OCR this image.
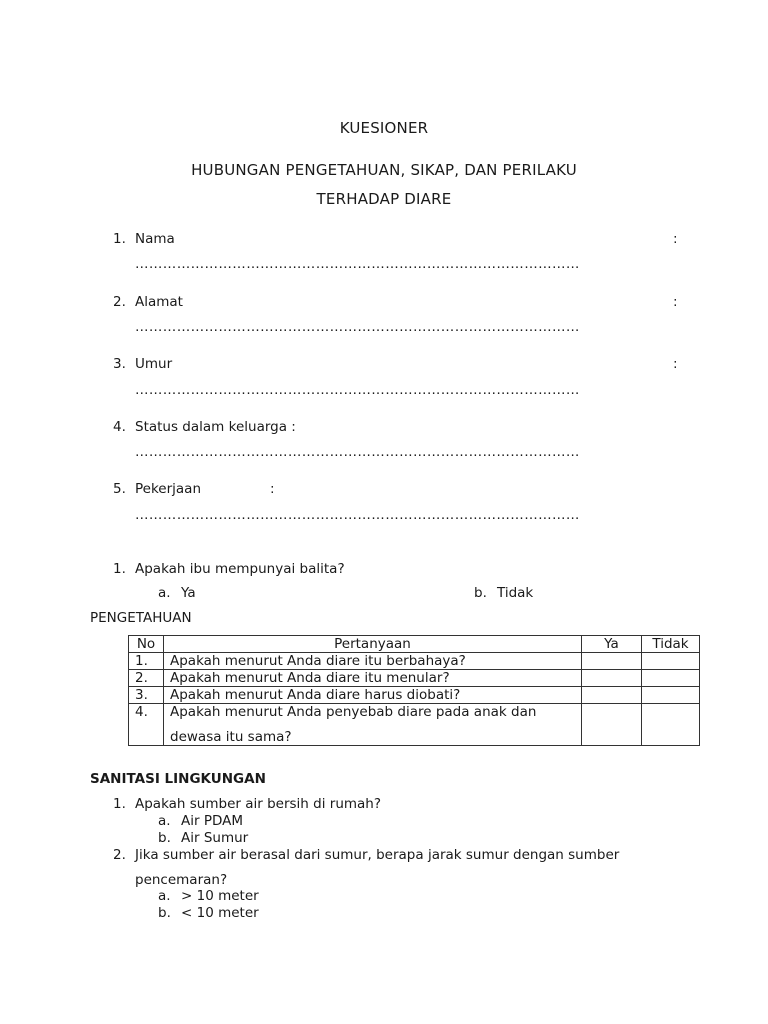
KUESIONER
HUBUNGAN PENGETAHUAN, SIKAP, DAN PERILAKU
TERHADAP DIARE
1. Nama	:
……………………………………………………………………………………
2. Alamat	:
……………………………………………………………………………………
3. Umur	:
……………………………………………………………………………………
4. Status dalam keluarga :
……………………………………………………………………………………
5. Pekerjaan	:
……………………………………………………………………………………
1. Apakah ibu mempunyai balita?
a. Ya	b. Tidak
PENGETAHUAN
No	Pertanyaan	Ya	Tidak
1.	Apakah menurut Anda diare itu berbahaya?		
2.	Apakah menurut Anda diare itu menular?		
3.	Apakah menurut Anda diare harus diobati?		
4.	Apakah menurut Anda penyebab diare pada anak dan
dewasa itu sama?		

SANITASI LINGKUNGAN
1. Apakah sumber air bersih di rumah?
a. Air PDAM
b. Air Sumur
2. Jika sumber air berasal dari sumur, berapa jarak sumur dengan sumber
pencemaran?
a. > 10 meter
b. < 10 meter
